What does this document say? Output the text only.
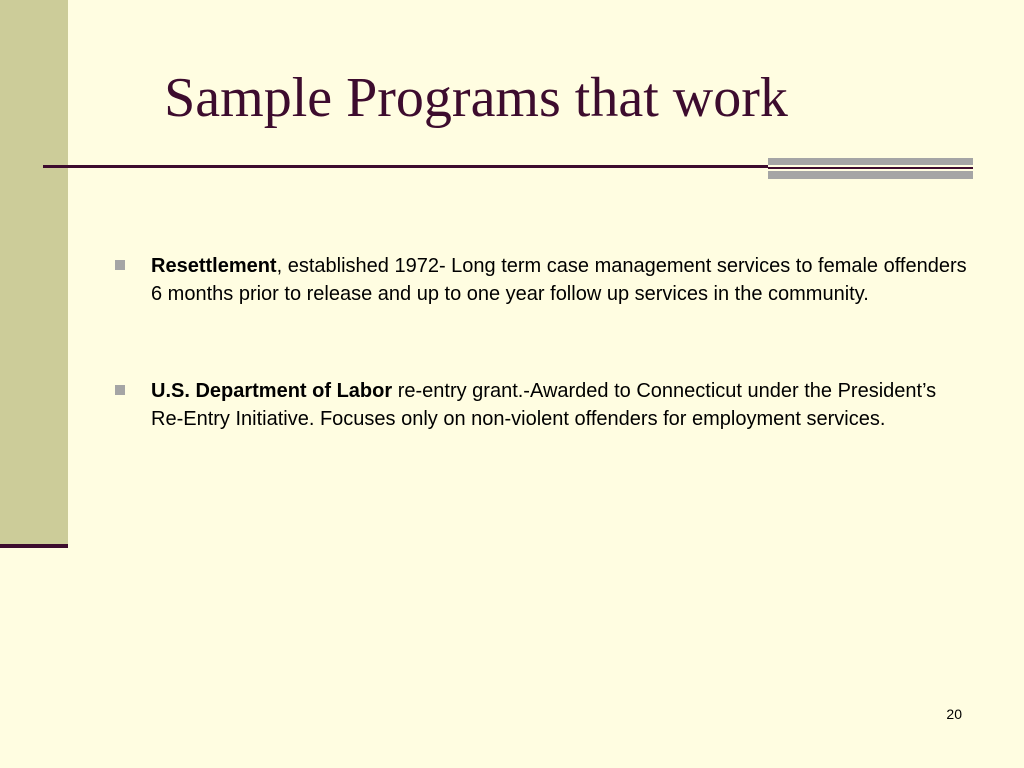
Sample Programs that work
Resettlement, established 1972- Long term case management services to female offenders 6 months prior to release and up to one year follow up services in the community.
U.S. Department of Labor re-entry grant.-Awarded to Connecticut under the President’s Re-Entry Initiative. Focuses only on non-violent offenders for employment services.
20
